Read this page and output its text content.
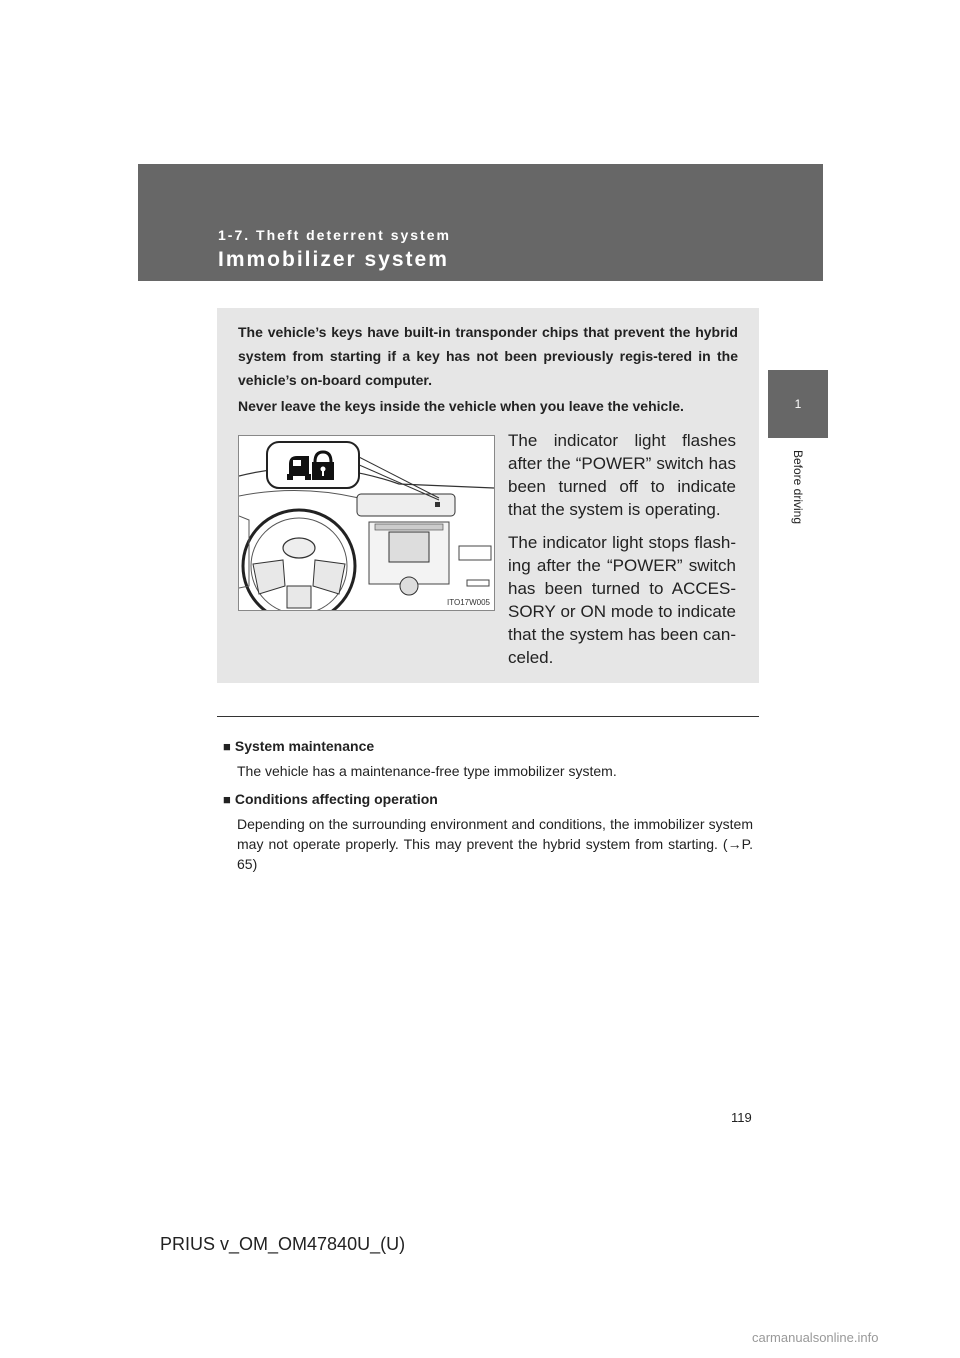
1-7. Theft deterrent system
Immobilizer system
1
Before driving

The vehicle’s keys have built-in transponder chips that prevent the hybrid system from starting if a key has not been previously regis-tered in the vehicle’s on-board computer.

Never leave the keys inside the vehicle when you leave the vehicle.

ITO17W005

The indicator light flashes after the “POWER” switch has been turned off to indicate that the system is operating.

The indicator light stops flash-ing after the “POWER” switch has been turned to ACCES-SORY or ON mode to indicate that the system has been can-celed.

■ System maintenance

The vehicle has a maintenance-free type immobilizer system.

■ Conditions affecting operation

Depending on the surrounding environment and conditions, the immobilizer system may not operate properly. This may prevent the hybrid system from starting. (→P. 65)

119
PRIUS v_OM_OM47840U_(U)
carmanualsonline.info
